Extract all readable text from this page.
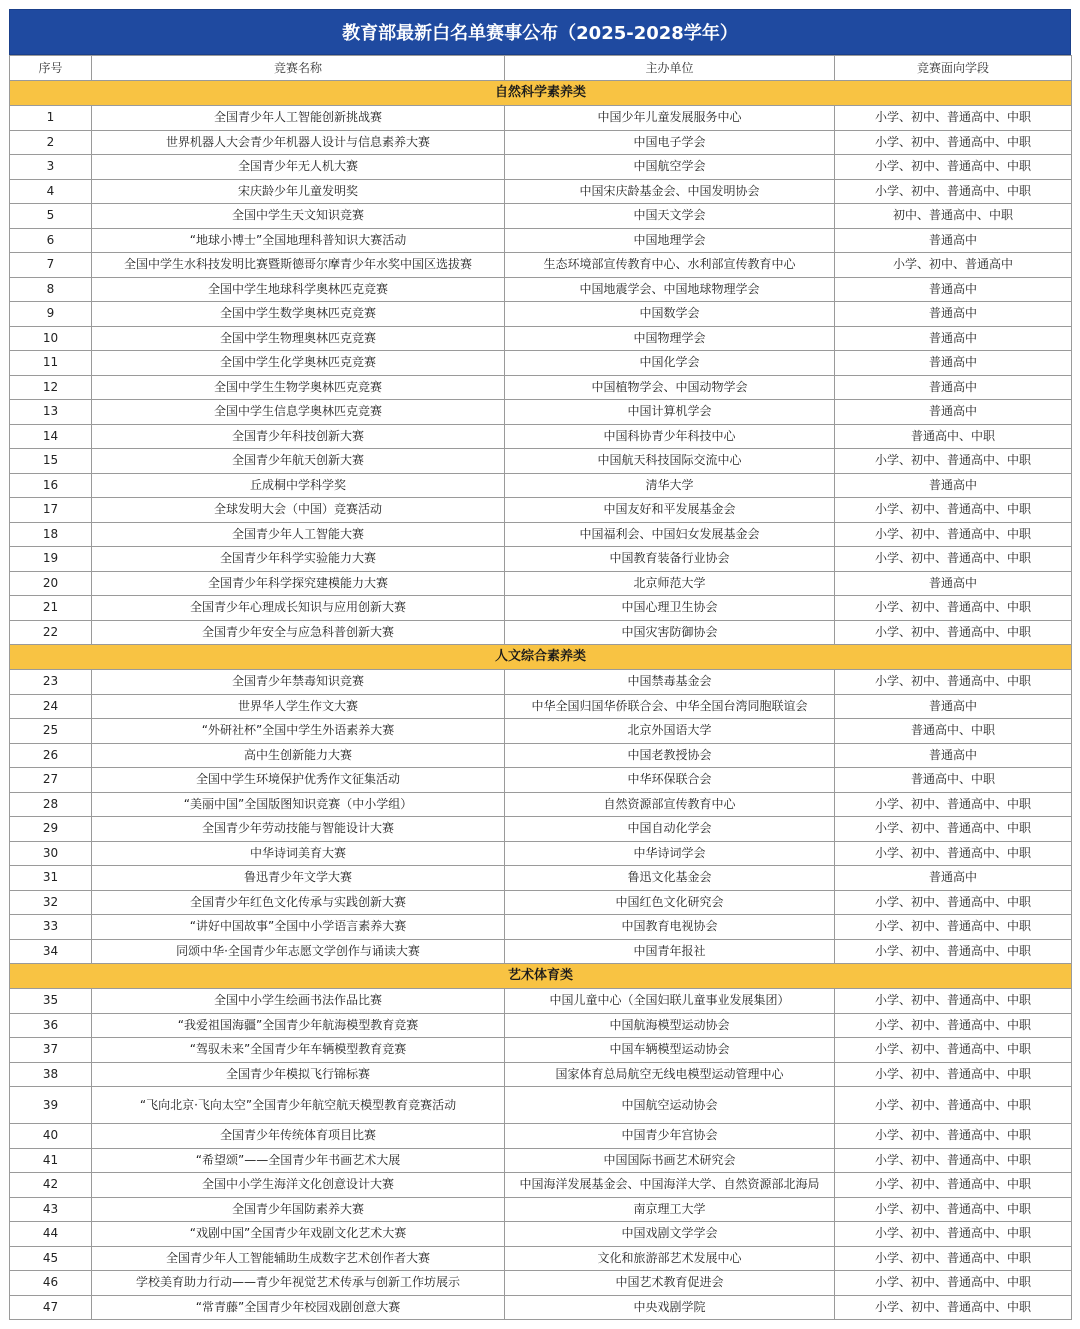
教育部最新白名单赛事公布（2025-2028学年）
序号	竞赛名称	主办单位	竞赛面向学段
自然科学素养类			
1	全国青少年人工智能创新挑战赛	中国少年儿童发展服务中心	小学、初中、普通高中、中职
2	世界机器人大会青少年机器人设计与信息素养大赛	中国电子学会	小学、初中、普通高中、中职
3	全国青少年无人机大赛	中国航空学会	小学、初中、普通高中、中职
4	宋庆龄少年儿童发明奖	中国宋庆龄基金会、中国发明协会	小学、初中、普通高中、中职
5	全国中学生天文知识竞赛	中国天文学会	初中、普通高中、中职
6	“地球小博士”全国地理科普知识大赛活动	中国地理学会	普通高中
7	全国中学生水科技发明比赛暨斯德哥尔摩青少年水奖中国区选拔赛	生态环境部宣传教育中心、水利部宣传教育中心	小学、初中、普通高中
8	全国中学生地球科学奥林匹克竞赛	中国地震学会、中国地球物理学会	普通高中
9	全国中学生数学奥林匹克竞赛	中国数学会	普通高中
10	全国中学生物理奥林匹克竞赛	中国物理学会	普通高中
11	全国中学生化学奥林匹克竞赛	中国化学会	普通高中
12	全国中学生生物学奥林匹克竞赛	中国植物学会、中国动物学会	普通高中
13	全国中学生信息学奥林匹克竞赛	中国计算机学会	普通高中
14	全国青少年科技创新大赛	中国科协青少年科技中心	普通高中、中职
15	全国青少年航天创新大赛	中国航天科技国际交流中心	小学、初中、普通高中、中职
16	丘成桐中学科学奖	清华大学	普通高中
17	全球发明大会（中国）竞赛活动	中国友好和平发展基金会	小学、初中、普通高中、中职
18	全国青少年人工智能大赛	中国福利会、中国妇女发展基金会	小学、初中、普通高中、中职
19	全国青少年科学实验能力大赛	中国教育装备行业协会	小学、初中、普通高中、中职
20	全国青少年科学探究建模能力大赛	北京师范大学	普通高中
21	全国青少年心理成长知识与应用创新大赛	中国心理卫生协会	小学、初中、普通高中、中职
22	全国青少年安全与应急科普创新大赛	中国灾害防御协会	小学、初中、普通高中、中职
人文综合素养类			
23	全国青少年禁毒知识竞赛	中国禁毒基金会	小学、初中、普通高中、中职
24	世界华人学生作文大赛	中华全国归国华侨联合会、中华全国台湾同胞联谊会	普通高中
25	“外研社杯”全国中学生外语素养大赛	北京外国语大学	普通高中、中职
26	高中生创新能力大赛	中国老教授协会	普通高中
27	全国中学生环境保护优秀作文征集活动	中华环保联合会	普通高中、中职
28	“美丽中国”全国版图知识竞赛（中小学组）	自然资源部宣传教育中心	小学、初中、普通高中、中职
29	全国青少年劳动技能与智能设计大赛	中国自动化学会	小学、初中、普通高中、中职
30	中华诗词美育大赛	中华诗词学会	小学、初中、普通高中、中职
31	鲁迅青少年文学大赛	鲁迅文化基金会	普通高中
32	全国青少年红色文化传承与实践创新大赛	中国红色文化研究会	小学、初中、普通高中、中职
33	“讲好中国故事”全国中小学语言素养大赛	中国教育电视协会	小学、初中、普通高中、中职
34	同颂中华·全国青少年志愿文学创作与诵读大赛	中国青年报社	小学、初中、普通高中、中职
艺术体育类			
35	全国中小学生绘画书法作品比赛	中国儿童中心（全国妇联儿童事业发展集团）	小学、初中、普通高中、中职
36	“我爱祖国海疆”全国青少年航海模型教育竞赛	中国航海模型运动协会	小学、初中、普通高中、中职
37	“驾驭未来”全国青少年车辆模型教育竞赛	中国车辆模型运动协会	小学、初中、普通高中、中职
38	全国青少年模拟飞行锦标赛	国家体育总局航空无线电模型运动管理中心	小学、初中、普通高中、中职
39	“飞向北京·飞向太空”全国青少年航空航天模型教育竞赛活动	中国航空运动协会	小学、初中、普通高中、中职
40	全国青少年传统体育项目比赛	中国青少年宫协会	小学、初中、普通高中、中职
41	“希望颂”——全国青少年书画艺术大展	中国国际书画艺术研究会	小学、初中、普通高中、中职
42	全国中小学生海洋文化创意设计大赛	中国海洋发展基金会、中国海洋大学、自然资源部北海局	小学、初中、普通高中、中职
43	全国青少年国防素养大赛	南京理工大学	小学、初中、普通高中、中职
44	“戏剧中国”全国青少年戏剧文化艺术大赛	中国戏剧文学学会	小学、初中、普通高中、中职
45	全国青少年人工智能辅助生成数字艺术创作者大赛	文化和旅游部艺术发展中心	小学、初中、普通高中、中职
46	学校美育助力行动——青少年视觉艺术传承与创新工作坊展示	中国艺术教育促进会	小学、初中、普通高中、中职
47	“常青藤”全国青少年校园戏剧创意大赛	中央戏剧学院	小学、初中、普通高中、中职
